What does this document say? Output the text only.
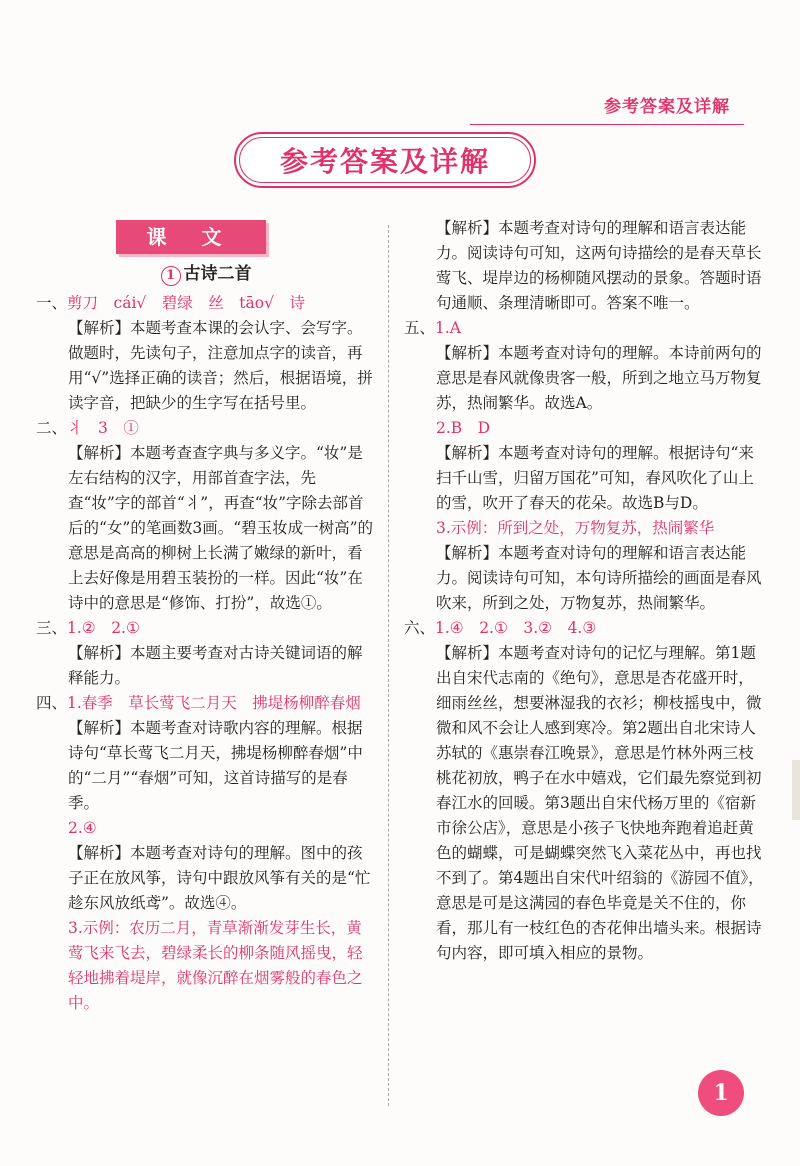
参考答案及详解
参考答案及详解
课 文
1 古诗二首
一、 剪刀　cái√　碧绿　丝　tāo√　诗
【解析】本题考查本课的会认字、会写字。做题时，先读句子，注意加点字的读音，再用“√”选择正确的读音；然后，根据语境，拼读字音，把缺少的生字写在括号里。
二、 丬　3　①
【解析】本题考查查字典与多义字。“妆”是左右结构的汉字，用部首查字法，先查“妆”字的部首“丬”，再查“妆”字除去部首后的“女”的笔画数3画。“碧玉妆成一树高”的意思是高高的柳树上长满了嫩绿的新叶，看上去好像是用碧玉装扮的一样。因此“妆”在诗中的意思是“修饰、打扮”，故选①。
三、 1.②　2.①
【解析】本题主要考查对古诗关键词语的解释能力。
四、 1.春季　草长莺飞二月天　拂堤杨柳醉春烟
【解析】本题考查对诗歌内容的理解。根据诗句“草长莺飞二月天，拂堤杨柳醉春烟”中的“二月”“春烟”可知，这首诗描写的是春季。
2.④
【解析】本题考查对诗句的理解。图中的孩子正在放风筝，诗句中跟放风筝有关的是“忙趁东风放纸鸢”。故选④。
3.示例：农历二月，青草渐渐发芽生长，黄莺飞来飞去，碧绿柔长的柳条随风摇曳，轻轻地拂着堤岸，就像沉醉在烟雾般的春色之中。
【解析】本题考查对诗句的理解和语言表达能力。阅读诗句可知，这两句诗描绘的是春天草长莺飞、堤岸边的杨柳随风摆动的景象。答题时语句通顺、条理清晰即可。答案不唯一。
五、 1.A
【解析】本题考查对诗句的理解。本诗前两句的意思是春风就像贵客一般，所到之地立马万物复苏，热闹繁华。故选A。
2.B　D
【解析】本题考查对诗句的理解。根据诗句“来扫千山雪，归留万国花”可知，春风吹化了山上的雪，吹开了春天的花朵。故选B与D。
3.示例：所到之处，万物复苏，热闹繁华
【解析】本题考查对诗句的理解和语言表达能力。阅读诗句可知，本句诗所描绘的画面是春风吹来，所到之处，万物复苏，热闹繁华。
六、 1.④　2.①　3.②　4.③
【解析】本题考查对诗句的记忆与理解。第1题出自宋代志南的《绝句》，意思是杏花盛开时，细雨丝丝，想要淋湿我的衣衫；柳枝摇曳中，微微和风不会让人感到寒冷。第2题出自北宋诗人苏轼的《惠崇春江晚景》，意思是竹林外两三枝桃花初放，鸭子在水中嬉戏，它们最先察觉到初春江水的回暖。第3题出自宋代杨万里的《宿新市徐公店》，意思是小孩子飞快地奔跑着追赶黄色的蝴蝶，可是蝴蝶突然飞入菜花丛中，再也找不到了。第4题出自宋代叶绍翁的《游园不值》，意思是可是这满园的春色毕竟是关不住的，你看，那儿有一枝红色的杏花伸出墙头来。根据诗句内容，即可填入相应的景物。
1
